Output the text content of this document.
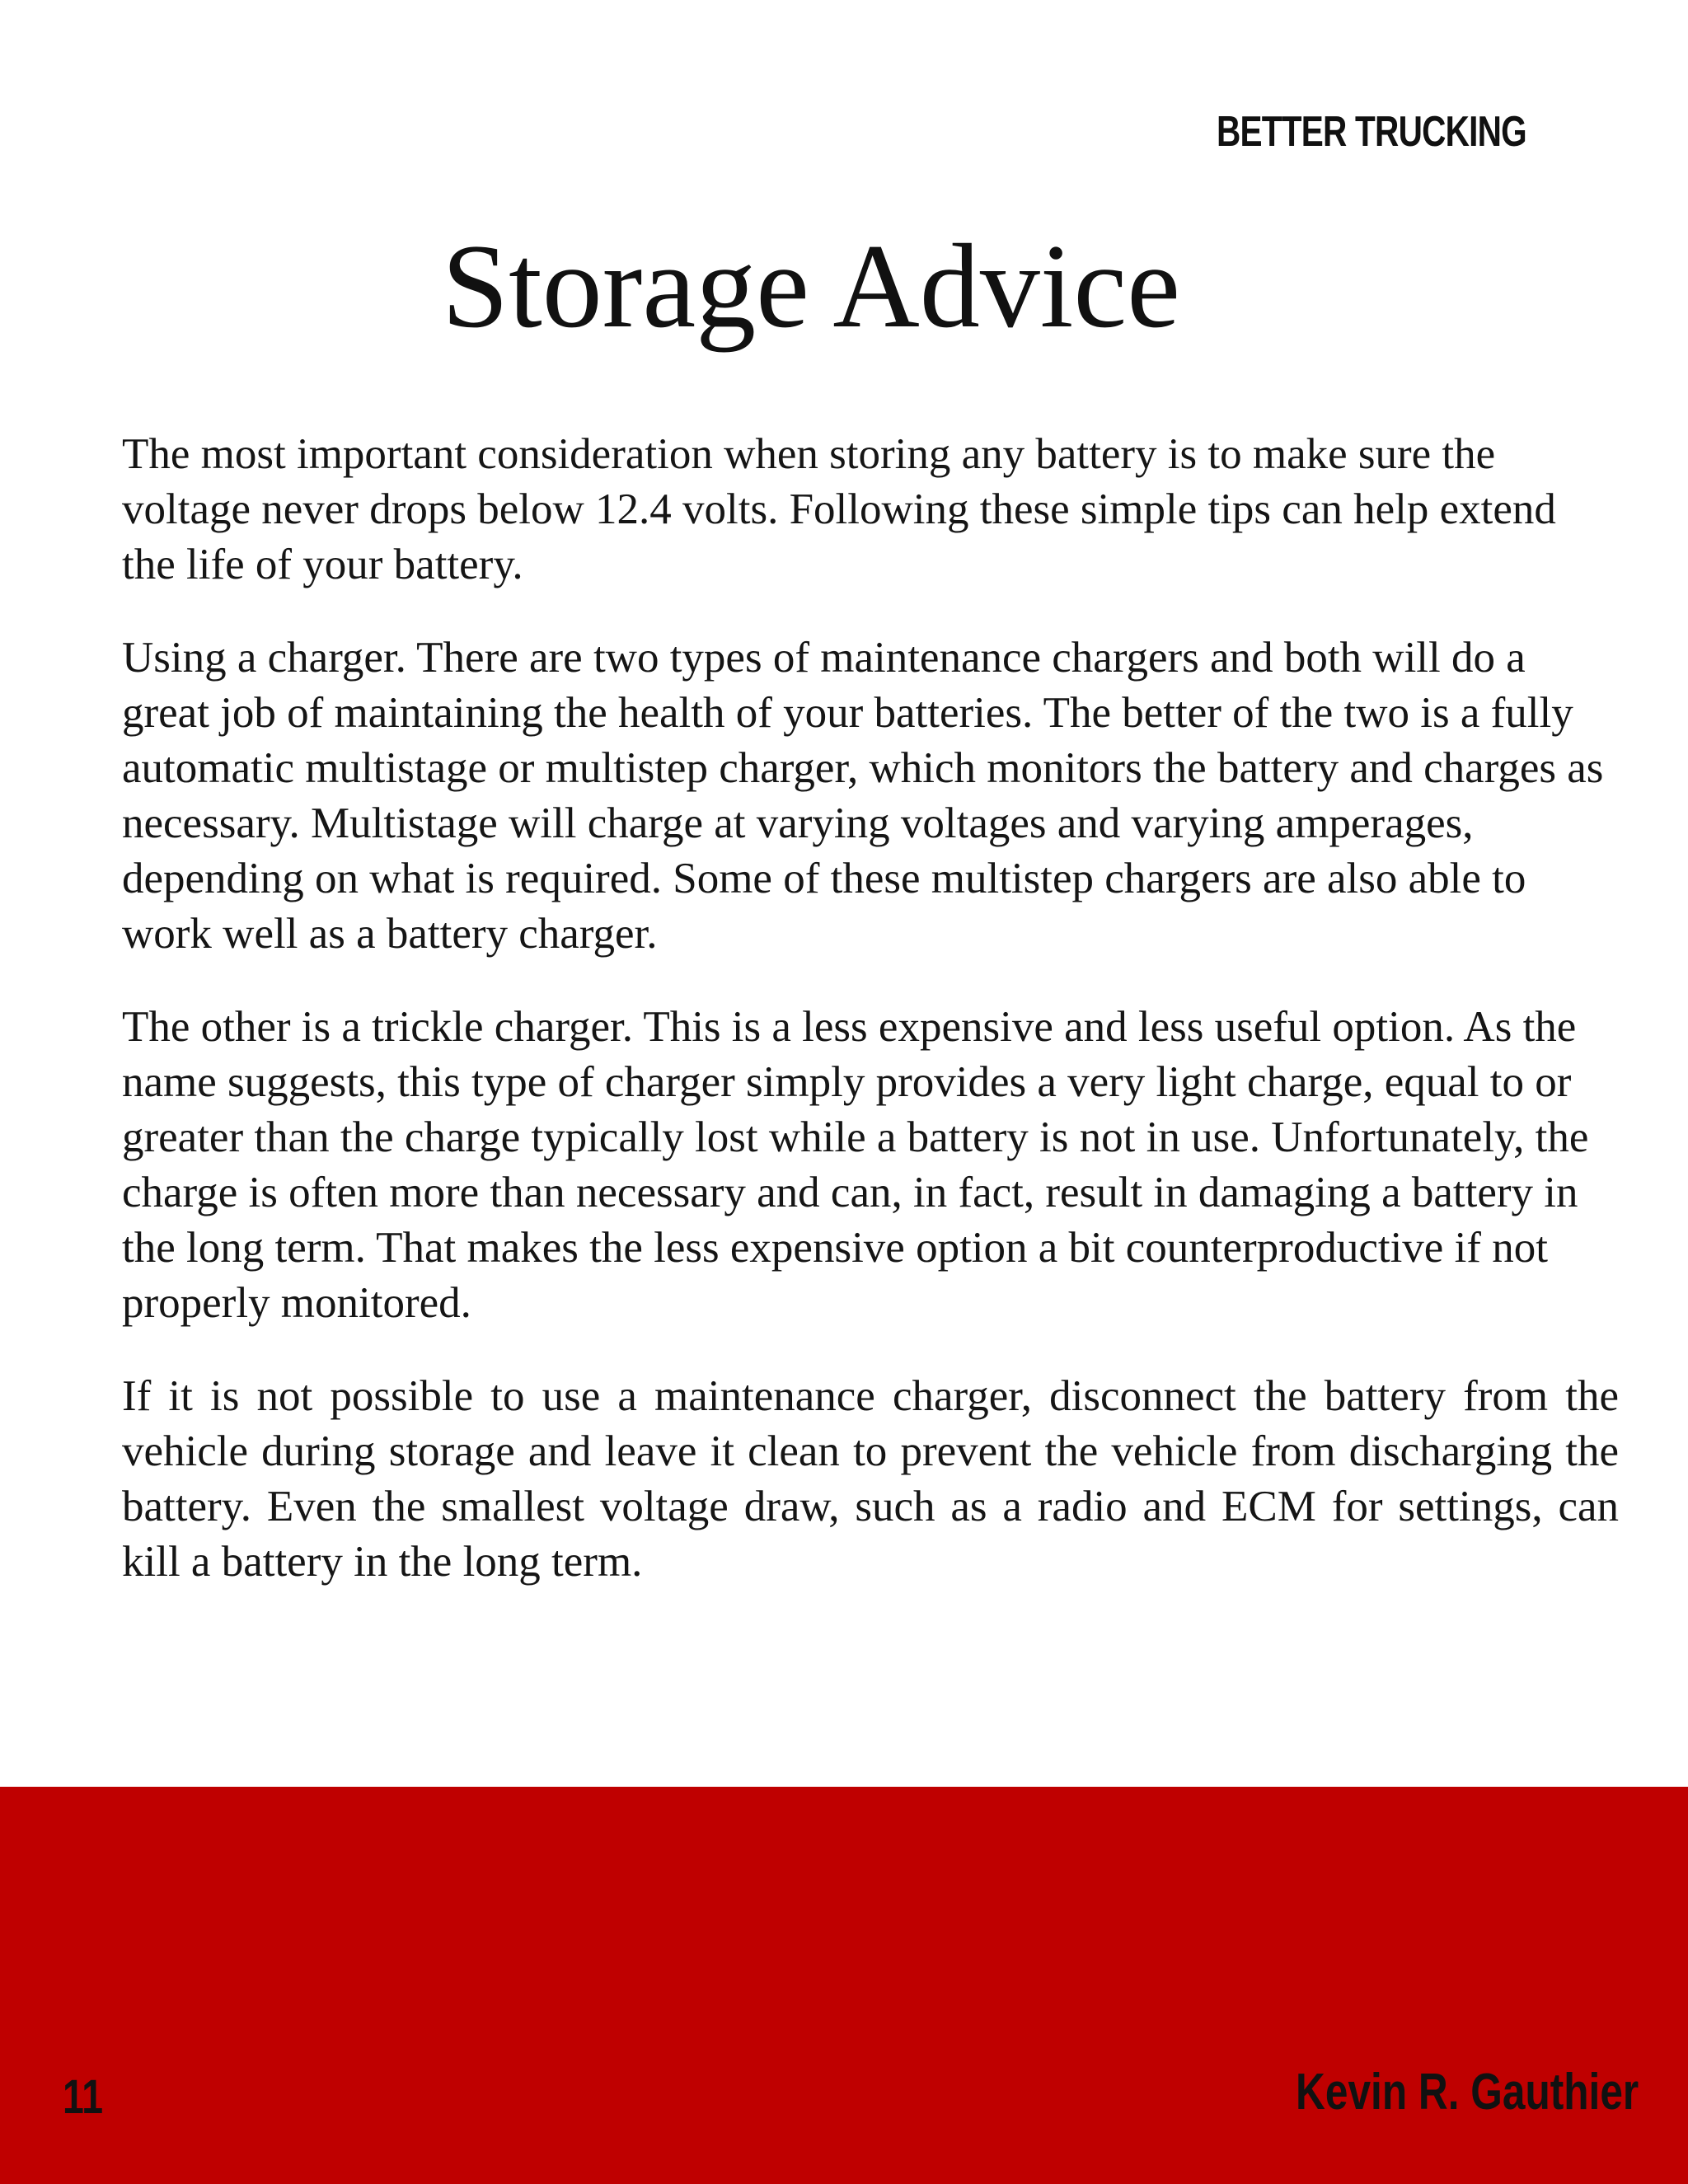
BETTER TRUCKING
Storage Advice

The most important consideration when storing any battery is to make sure the voltage never drops below 12.4 volts. Following these simple tips can help extend the life of your battery.

Using a charger. There are two types of maintenance chargers and both will do a great job of maintaining the health of your batteries. The better of the two is a fully automatic multistage or multistep charger, which monitors the battery and charges as necessary. Multistage will charge at varying voltages and varying amperages, depending on what is required. Some of these multistep chargers are also able to work well as a battery charger.

The other is a trickle charger. This is a less expensive and less useful option. As the name suggests, this type of charger simply provides a very light charge, equal to or greater than the charge typically lost while a battery is not in use. Unfortunately, the charge is often more than necessary and can, in fact, result in damaging a battery in the long term. That makes the less expensive option a bit counterproductive if not properly monitored.

If it is not possible to use a maintenance charger, disconnect the battery from the vehicle during storage and leave it clean to prevent the vehicle from discharging the battery. Even the smallest voltage draw, such as a radio and ECM for settings, can kill a battery in the long term.

11	Kevin R. Gauthier
